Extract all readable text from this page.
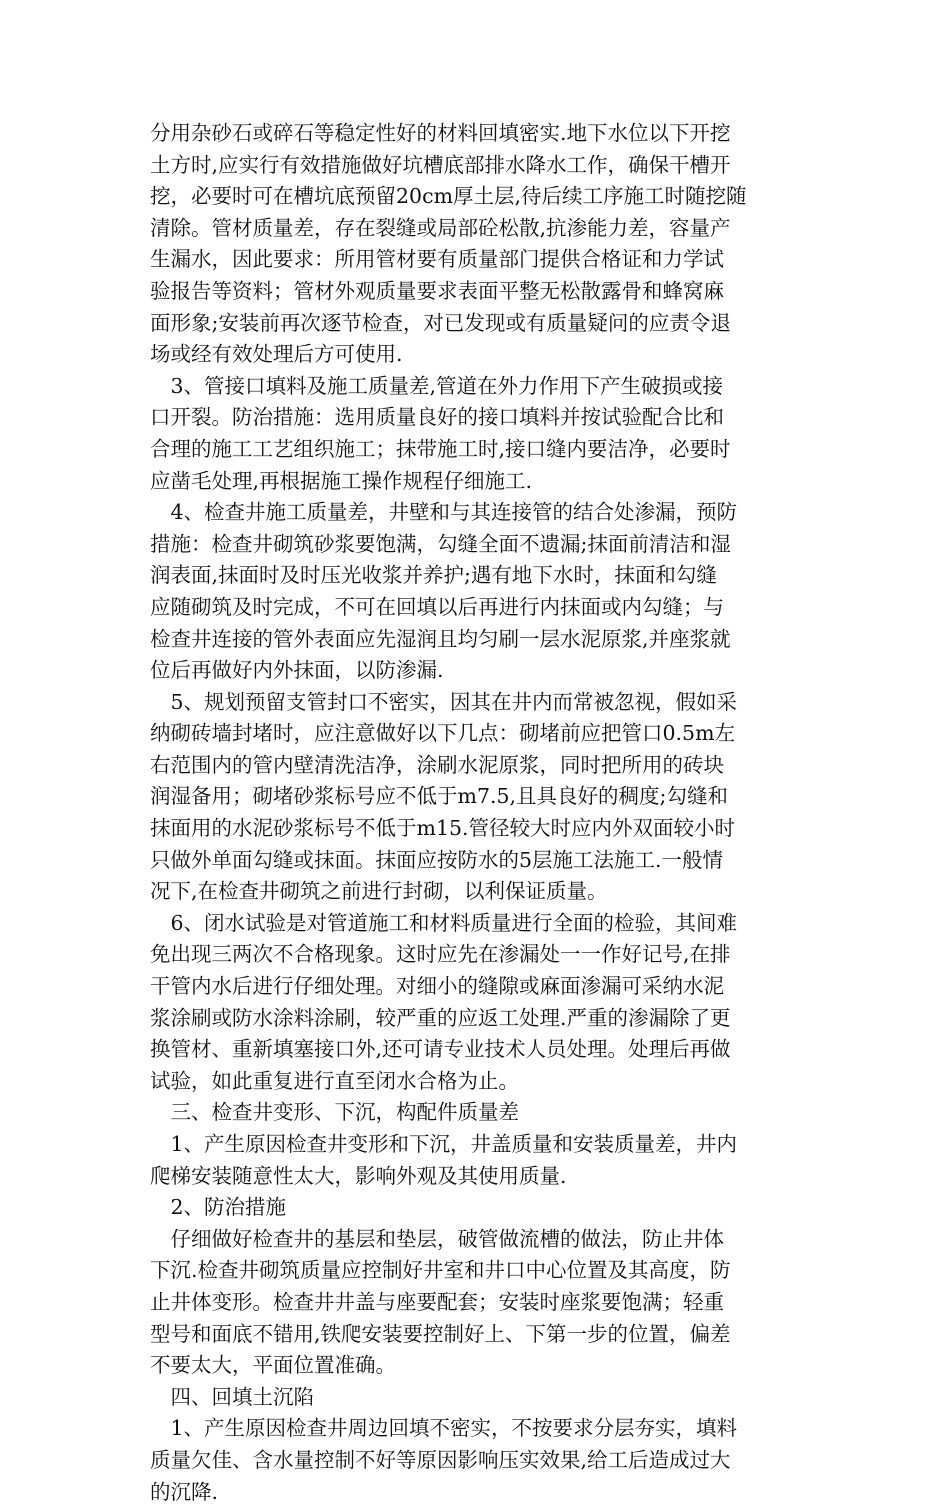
分用杂砂石或碎石等稳定性好的材料回填密实.地下水位以下开挖
土方时,应实行有效措施做好坑槽底部排水降水工作，确保干槽开
挖，必要时可在槽坑底预留20cm厚土层,待后续工序施工时随挖随
清除。管材质量差，存在裂缝或局部砼松散,抗渗能力差，容量产
生漏水，因此要求：所用管材要有质量部门提供合格证和力学试
验报告等资料；管材外观质量要求表面平整无松散露骨和蜂窝麻
面形象;安装前再次逐节检查，对已发现或有质量疑问的应责令退
场或经有效处理后方可使用.
　3、管接口填料及施工质量差,管道在外力作用下产生破损或接
口开裂。防治措施：选用质量良好的接口填料并按试验配合比和
合理的施工工艺组织施工；抹带施工时,接口缝内要洁净，必要时
应凿毛处理,再根据施工操作规程仔细施工.
　4、检查井施工质量差，井壁和与其连接管的结合处渗漏，预防
措施：检查井砌筑砂浆要饱满，勾缝全面不遗漏;抹面前清洁和湿
润表面,抹面时及时压光收浆并养护;遇有地下水时，抹面和勾缝
应随砌筑及时完成，不可在回填以后再进行内抹面或内勾缝；与
检查井连接的管外表面应先湿润且均匀刷一层水泥原浆,并座浆就
位后再做好内外抹面，以防渗漏.
　5、规划预留支管封口不密实，因其在井内而常被忽视，假如采
纳砌砖墙封堵时，应注意做好以下几点：砌堵前应把管口0.5m左
右范围内的管内壁清洗洁净，涂刷水泥原浆，同时把所用的砖块
润湿备用；砌堵砂浆标号应不低于m7.5,且具良好的稠度;勾缝和
抹面用的水泥砂浆标号不低于m15.管径较大时应内外双面较小时
只做外单面勾缝或抹面。抹面应按防水的5层施工法施工.一般情
况下,在检查井砌筑之前进行封砌，以利保证质量。
　6、闭水试验是对管道施工和材料质量进行全面的检验，其间难
免出现三两次不合格现象。这时应先在渗漏处一一作好记号,在排
干管内水后进行仔细处理。对细小的缝隙或麻面渗漏可采纳水泥
浆涂刷或防水涂料涂刷，较严重的应返工处理.严重的渗漏除了更
换管材、重新填塞接口外,还可请专业技术人员处理。处理后再做
试验，如此重复进行直至闭水合格为止。
　三、检查井变形、下沉，构配件质量差
　1、产生原因检查井变形和下沉，井盖质量和安装质量差，井内
爬梯安装随意性太大，影响外观及其使用质量.
　2、防治措施
　仔细做好检查井的基层和垫层，破管做流槽的做法，防止井体
下沉.检查井砌筑质量应控制好井室和井口中心位置及其高度，防
止井体变形。检查井井盖与座要配套；安装时座浆要饱满；轻重
型号和面底不错用,铁爬安装要控制好上、下第一步的位置，偏差
不要太大，平面位置准确。
　四、回填土沉陷
　1、产生原因检查井周边回填不密实，不按要求分层夯实，填料
质量欠佳、含水量控制不好等原因影响压实效果,给工后造成过大
的沉降.
